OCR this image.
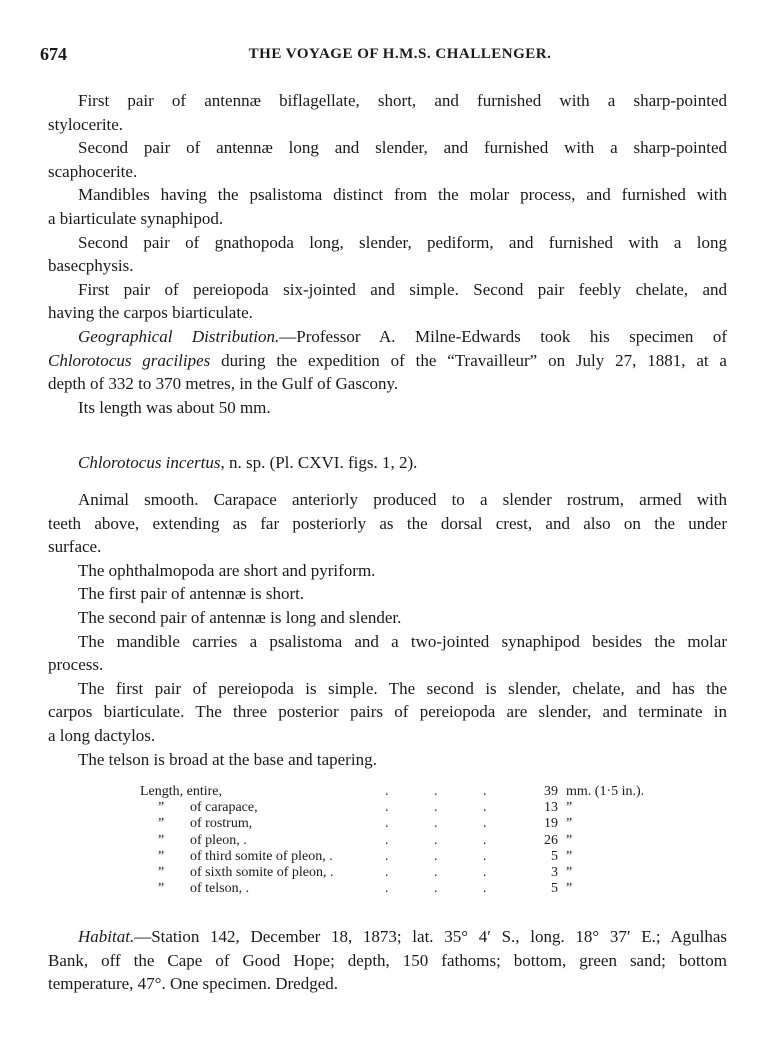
674	THE VOYAGE OF H.M.S. CHALLENGER.
First pair of antennæ biflagellate, short, and furnished with a sharp-pointed
stylocerite.
Second pair of antennæ long and slender, and furnished with a sharp-pointed
scaphocerite.
Mandibles having the psalistoma distinct from the molar process, and furnished with
a biarticulate synaphipod.
Second pair of gnathopoda long, slender, pediform, and furnished with a long
basecphysis.
First pair of pereiopoda six-jointed and simple. Second pair feebly chelate, and
having the carpos biarticulate.
Geographical Distribution.—Professor A. Milne-Edwards took his specimen of
Chlorotocus gracilipes during the expedition of the “Travailleur” on July 27, 1881, at a
depth of 332 to 370 metres, in the Gulf of Gascony.
Its length was about 50 mm.
Chlorotocus incertus, n. sp. (Pl. CXVI. figs. 1, 2).
Animal smooth. Carapace anteriorly produced to a slender rostrum, armed with
teeth above, extending as far posteriorly as the dorsal crest, and also on the under
surface.
The ophthalmopoda are short and pyriform.
The first pair of antennæ is short.
The second pair of antennæ is long and slender.
The mandible carries a psalistoma and a two-jointed synaphipod besides the molar
process.
The first pair of pereiopoda is simple. The second is slender, chelate, and has the
carpos biarticulate. The three posterior pairs of pereiopoda are slender, and terminate in
a long dactylos.
The telson is broad at the base and tapering.
Length, entire,	.	.	.	39 mm. (1·5 in.).
” of carapace,	.	.	.	13 ”
” of rostrum,	.	.	.	19 ”
” of pleon, .	.	.	.	26 ”
” of third somite of pleon, .	.	.	.	5 ”
” of sixth somite of pleon, .	.	.	.	3 ”
” of telson, .	.	.	.	5 ”
Habitat.—Station 142, December 18, 1873; lat. 35° 4′ S., long. 18° 37′ E.; Agulhas
Bank, off the Cape of Good Hope; depth, 150 fathoms; bottom, green sand; bottom
temperature, 47°. One specimen. Dredged.
